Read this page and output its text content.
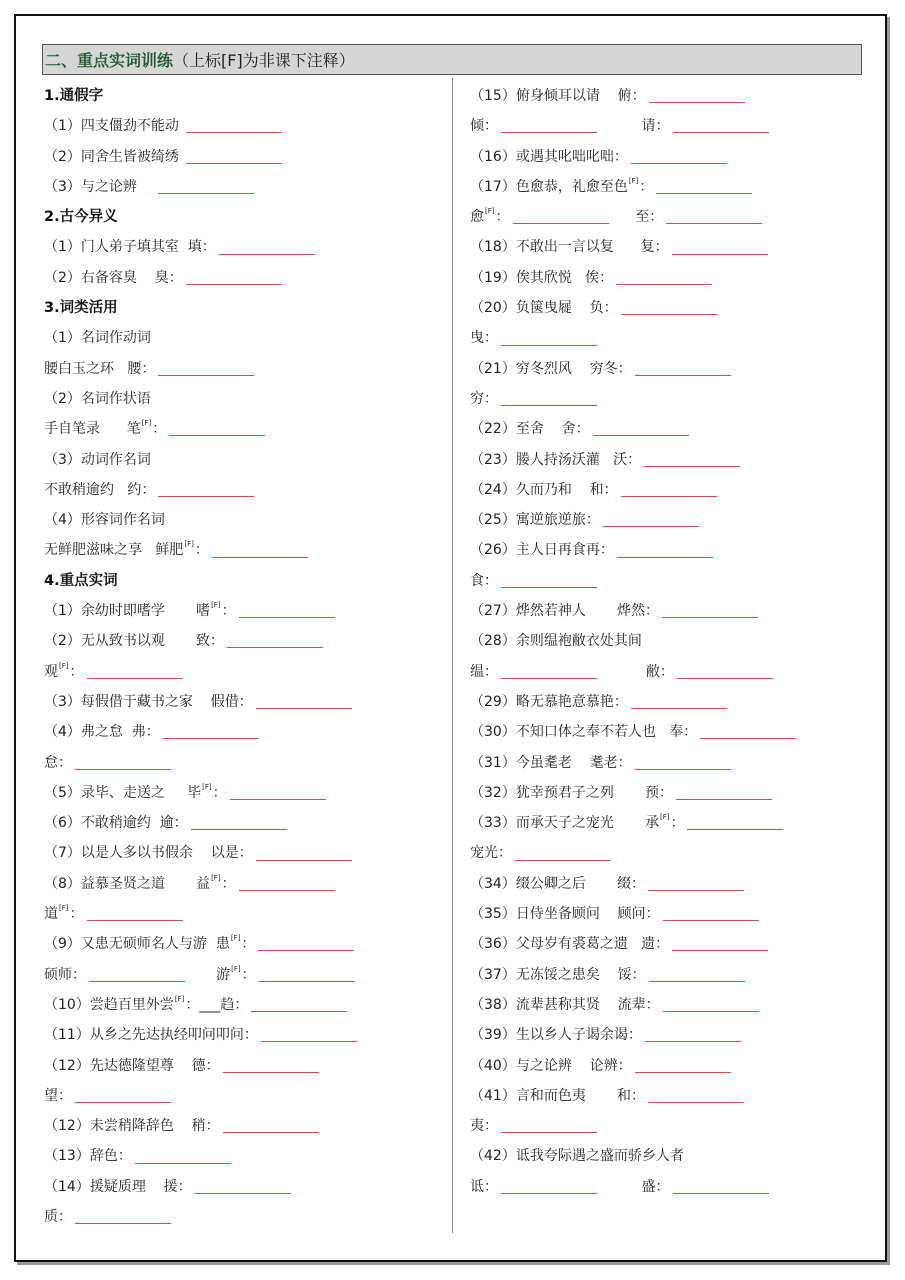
二、重点实词训练 （上标[F]为非课下注释）
1.通假字
（1）四支僵劲不能动
（2）同舍生皆被绮绣
（3）与之论辨
2.古今异义
（1）门人弟子填其室  填：
（2）右备容臭    臭：
3.词类活用
（1）名词作动词
腰白玉之环   腰：
（2）名词作状语
手自笔录      笔 [F] ：
（3）动词作名词
不敢稍逾约   约：
（4）形容词作名词
无鲜肥滋味之享   鲜肥 [F] ：
4.重点实词
（1）余幼时即嗜学       嗜 [F] ：
（2）无从致书以观       致：
观 [F] ：
（3）每假借于藏书之家    假借：
（4）弗之怠  弗：
怠：
（5）录毕、走送之     毕 [F] ：
（6）不敢稍逾约  逾：
（7）以是人多以书假余    以是：
（8）益慕圣贤之道       益 [F] ：
道 [F] ：
（9）又患无硕师名人与游  患 [F] ：
硕师：	游 [F] ：
（10）尝趋百里外尝 [F] ：___趋：
（11）从乡之先达执经叩问叩问：
（12）先达德隆望尊    德：
望：
（12）未尝稍降辞色    稍：
（13）辞色：
（14）援疑质理    援：
质：
（15）俯身倾耳以请    俯：
倾：	请：
（16）或遇其叱咄叱咄：
（17）色愈恭，礼愈至色 [F] ：
愈 [F] ：	至：
（18）不敢出一言以复      复：
（19）俟其欣悦   俟：
（20）负箧曳屣    负：
曳：
（21）穷冬烈风    穷冬：
穷：
（22）至舍    舍：
（23）媵人持汤沃灌   沃：
（24）久而乃和    和：
（25）寓逆旅逆旅：
（26）主人日再食再：
食：
（27）烨然若神人       烨然：
（28）余则缊袍敝衣处其间
缊：	敝：
（29）略无慕艳意慕艳：
（30）不知口体之奉不若人也   奉：
（31）今虽耄老    耄老：
（32）犹幸预君子之列       预：
（33）而承天子之宠光       承 [F] ：
宠光：
（34）缀公卿之后       缀：
（35）日侍坐备顾问    顾问：
（36）父母岁有裘葛之遗   遗：
（37）无冻馁之患矣    馁：
（38）流辈甚称其贤    流辈：
（39）生以乡人子谒余谒：
（40）与之论辨    论辨：
（41）言和而色夷       和：
夷：
（42）诋我夸际遇之盛而骄乡人者
诋：	盛：
